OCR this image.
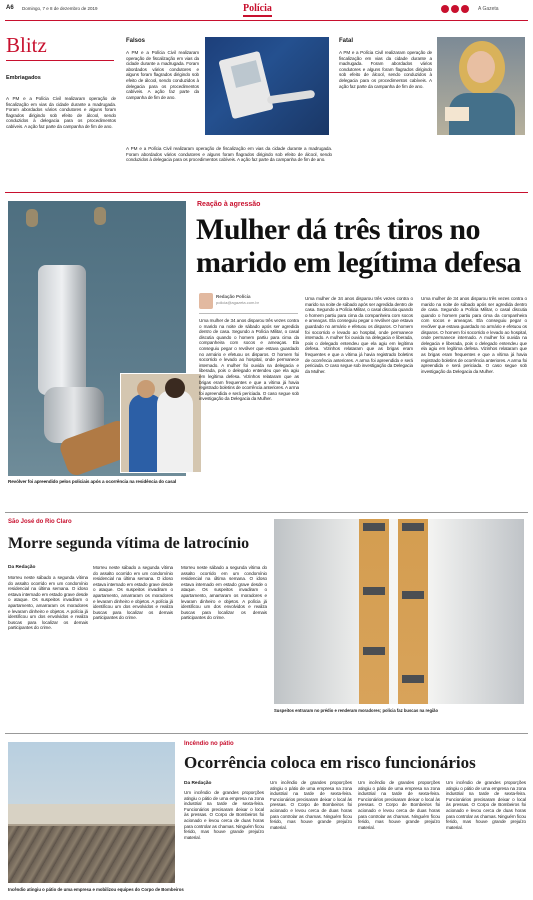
A6 Domingo, 7 e 8 de dezembro de 2019	Polícia	A Gazeta
Blitz
Embriagados
A PM e a Polícia Civil realizaram operação de fiscalização em vias da cidade durante a madrugada. Foram abordados vários condutores e alguns foram flagrados dirigindo sob efeito de álcool, sendo conduzidos à delegacia para os procedimentos cabíveis. A ação faz parte da campanha de fim de ano.
Falsos
A PM e a Polícia Civil realizaram operação de fiscalização em vias da cidade durante a madrugada. Foram abordados vários condutores e alguns foram flagrados dirigindo sob efeito de álcool, sendo conduzidos à delegacia para os procedimentos cabíveis. A ação faz parte da campanha de fim de ano.
Fatal
A PM e a Polícia Civil realizaram operação de fiscalização em vias da cidade durante a madrugada. Foram abordados vários condutores e alguns foram flagrados dirigindo sob efeito de álcool, sendo conduzidos à delegacia para os procedimentos cabíveis. A ação faz parte da campanha de fim de ano.
A PM e a Polícia Civil realizaram operação de fiscalização em vias da cidade durante a madrugada. Foram abordados vários condutores e alguns foram flagrados dirigindo sob efeito de álcool, sendo conduzidos à delegacia para os procedimentos cabíveis. A ação faz parte da campanha de fim de ano.
Revólver foi apreendido pelos policiais após a ocorrência na residência do casal
Reação à agressão
Mulher dá três tiros no marido em legítima defesa
Redação Polícia
policia@agazeta.com.br
Uma mulher de 34 anos disparou três vezes contra o marido na noite de sábado após ser agredida dentro de casa. Segundo a Polícia Militar, o casal discutia quando o homem partiu para cima da companheira com socos e ameaças. Ela conseguiu pegar o revólver que estava guardado no armário e efetuou os disparos. O homem foi socorrido e levado ao hospital, onde permanece internado. A mulher foi ouvida na delegacia e liberada, pois o delegado entendeu que ela agiu em legítima defesa. Vizinhos relataram que as brigas eram frequentes e que a vítima já havia registrado boletins de ocorrência anteriores. A arma foi apreendida e será periciada. O caso segue sob investigação da Delegacia da Mulher.
Uma mulher de 34 anos disparou três vezes contra o marido na noite de sábado após ser agredida dentro de casa. Segundo a Polícia Militar, o casal discutia quando o homem partiu para cima da companheira com socos e ameaças. Ela conseguiu pegar o revólver que estava guardado no armário e efetuou os disparos. O homem foi socorrido e levado ao hospital, onde permanece internado. A mulher foi ouvida na delegacia e liberada, pois o delegado entendeu que ela agiu em legítima defesa. Vizinhos relataram que as brigas eram frequentes e que a vítima já havia registrado boletins de ocorrência anteriores. A arma foi apreendida e será periciada. O caso segue sob investigação da Delegacia da Mulher.
Uma mulher de 34 anos disparou três vezes contra o marido na noite de sábado após ser agredida dentro de casa. Segundo a Polícia Militar, o casal discutia quando o homem partiu para cima da companheira com socos e ameaças. Ela conseguiu pegar o revólver que estava guardado no armário e efetuou os disparos. O homem foi socorrido e levado ao hospital, onde permanece internado. A mulher foi ouvida na delegacia e liberada, pois o delegado entendeu que ela agiu em legítima defesa. Vizinhos relataram que as brigas eram frequentes e que a vítima já havia registrado boletins de ocorrência anteriores. A arma foi apreendida e será periciada. O caso segue sob investigação da Delegacia da Mulher.
São José do Rio Claro
Morre segunda vítima de latrocínio
Da Redação
Morreu neste sábado a segunda vítima do assalto ocorrido em um condomínio residencial na última semana. O idoso estava internado em estado grave desde o ataque. Os suspeitos invadiram o apartamento, amarraram os moradores e levaram dinheiro e objetos. A polícia já identificou um dos envolvidos e realiza buscas para localizar os demais participantes do crime.
Morreu neste sábado a segunda vítima do assalto ocorrido em um condomínio residencial na última semana. O idoso estava internado em estado grave desde o ataque. Os suspeitos invadiram o apartamento, amarraram os moradores e levaram dinheiro e objetos. A polícia já identificou um dos envolvidos e realiza buscas para localizar os demais participantes do crime.
Morreu neste sábado a segunda vítima do assalto ocorrido em um condomínio residencial na última semana. O idoso estava internado em estado grave desde o ataque. Os suspeitos invadiram o apartamento, amarraram os moradores e levaram dinheiro e objetos. A polícia já identificou um dos envolvidos e realiza buscas para localizar os demais participantes do crime.
Suspeitos entraram no prédio e renderam moradores; polícia faz buscas na região
Incêndio atingiu o pátio de uma empresa e mobilizou equipes do Corpo de Bombeiros
Incêndio no pátio
Ocorrência coloca em risco funcionários
Da Redação
Um incêndio de grandes proporções atingiu o pátio de uma empresa na zona industrial na tarde de sexta-feira. Funcionários precisaram deixar o local às pressas. O Corpo de Bombeiros foi acionado e levou cerca de duas horas para controlar as chamas. Ninguém ficou ferido, mas houve grande prejuízo material.
Um incêndio de grandes proporções atingiu o pátio de uma empresa na zona industrial na tarde de sexta-feira. Funcionários precisaram deixar o local às pressas. O Corpo de Bombeiros foi acionado e levou cerca de duas horas para controlar as chamas. Ninguém ficou ferido, mas houve grande prejuízo material.
Um incêndio de grandes proporções atingiu o pátio de uma empresa na zona industrial na tarde de sexta-feira. Funcionários precisaram deixar o local às pressas. O Corpo de Bombeiros foi acionado e levou cerca de duas horas para controlar as chamas. Ninguém ficou ferido, mas houve grande prejuízo material.
Um incêndio de grandes proporções atingiu o pátio de uma empresa na zona industrial na tarde de sexta-feira. Funcionários precisaram deixar o local às pressas. O Corpo de Bombeiros foi acionado e levou cerca de duas horas para controlar as chamas. Ninguém ficou ferido, mas houve grande prejuízo material.
